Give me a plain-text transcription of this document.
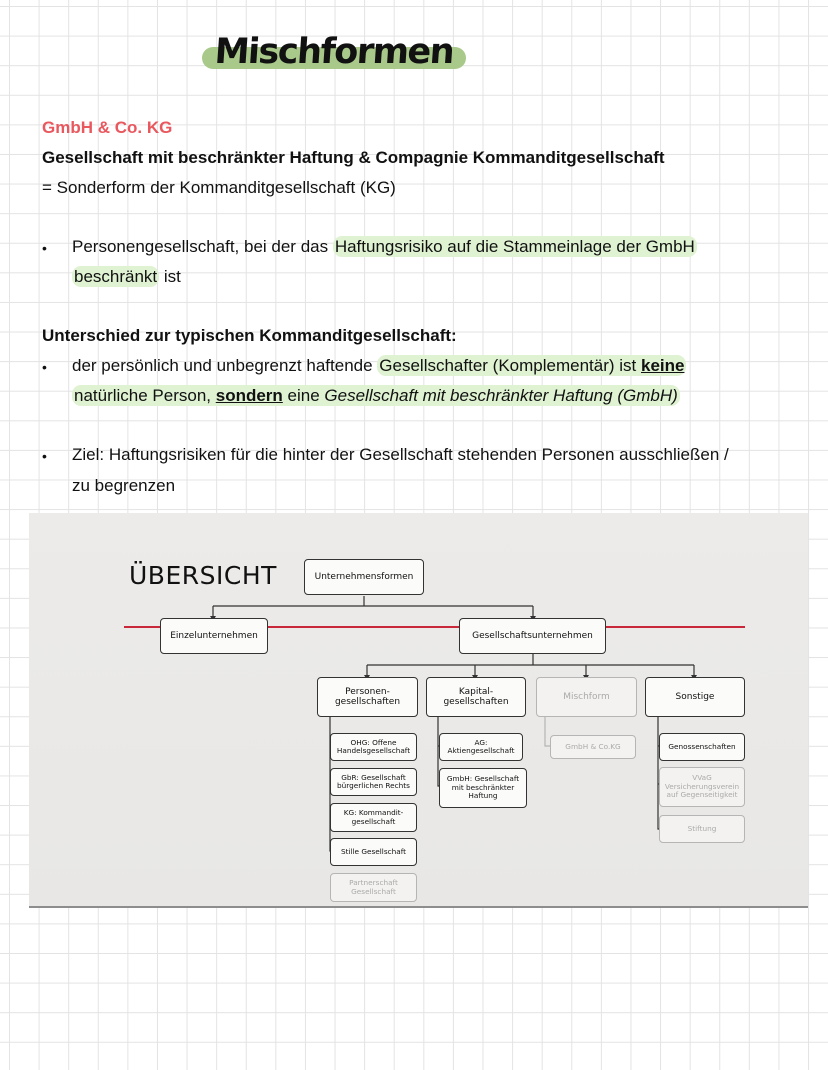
Mischformen
GmbH & Co. KG
Gesellschaft mit beschränkter Haftung & Compagnie Kommanditgesellschaft
= Sonderform der Kommanditgesellschaft (KG)
• Personengesellschaft, bei der das Haftungsrisiko auf die Stammeinlage der GmbH
beschränkt ist
Unterschied zur typischen Kommanditgesellschaft:
• der persönlich und unbegrenzt haftende Gesellschafter (Komplementär) ist keine
natürliche Person, sondern eine Gesellschaft mit beschränkter Haftung (GmbH)
• Ziel: Haftungsrisiken für die hinter der Gesellschaft stehenden Personen ausschließen /
zu begrenzen
ÜBERSICHT	Unternehmensformen
Einzelunternehmen	Gesellschaftsunternehmen
Personen-
gesellschaften
Kapital-
gesellschaften
Mischform	Sonstige
OHG: Offene
Handelsgesellschaft
GbR: Gesellschaft
bürgerlichen Rechts
KG: Kommandit-
gesellschaft
Stille Gesellschaft
Partnerschaft
Gesellschaft
AG:
Aktiengesellschaft
GmbH: Gesellschaft
mit beschränkter
Haftung
GmbH & Co.KG	Genossenschaften
VVaG
Versicherungsverein
auf Gegenseitigkeit
Stiftung
